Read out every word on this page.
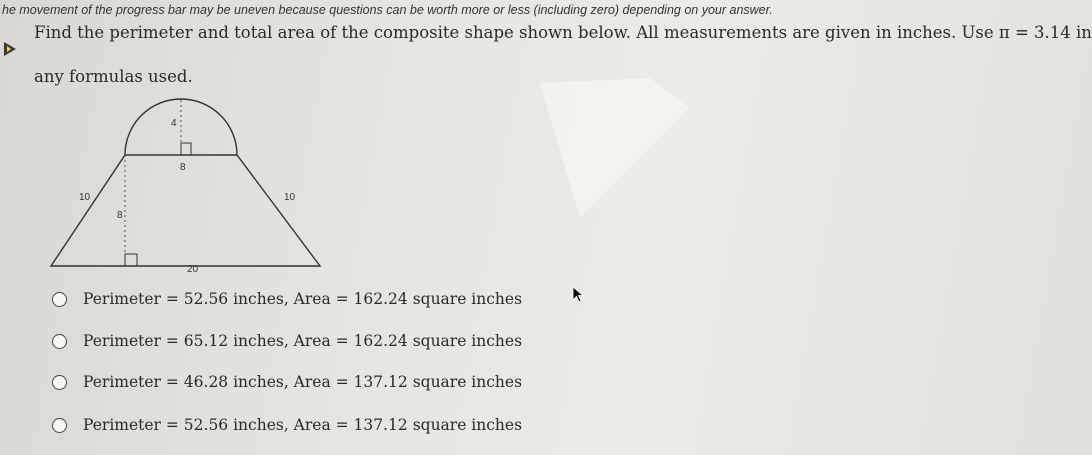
he movement of the progress bar may be uneven because questions can be worth more or less (including zero) depending on your answer.
Find the perimeter and total area of the composite shape shown below. All measurements are given in inches. Use π = 3.14 in
any formulas used.
4
8
10	10
8
20
Perimeter = 52.56 inches, Area = 162.24 square inches
Perimeter = 65.12 inches, Area = 162.24 square inches
Perimeter = 46.28 inches, Area = 137.12 square inches
Perimeter = 52.56 inches, Area = 137.12 square inches
